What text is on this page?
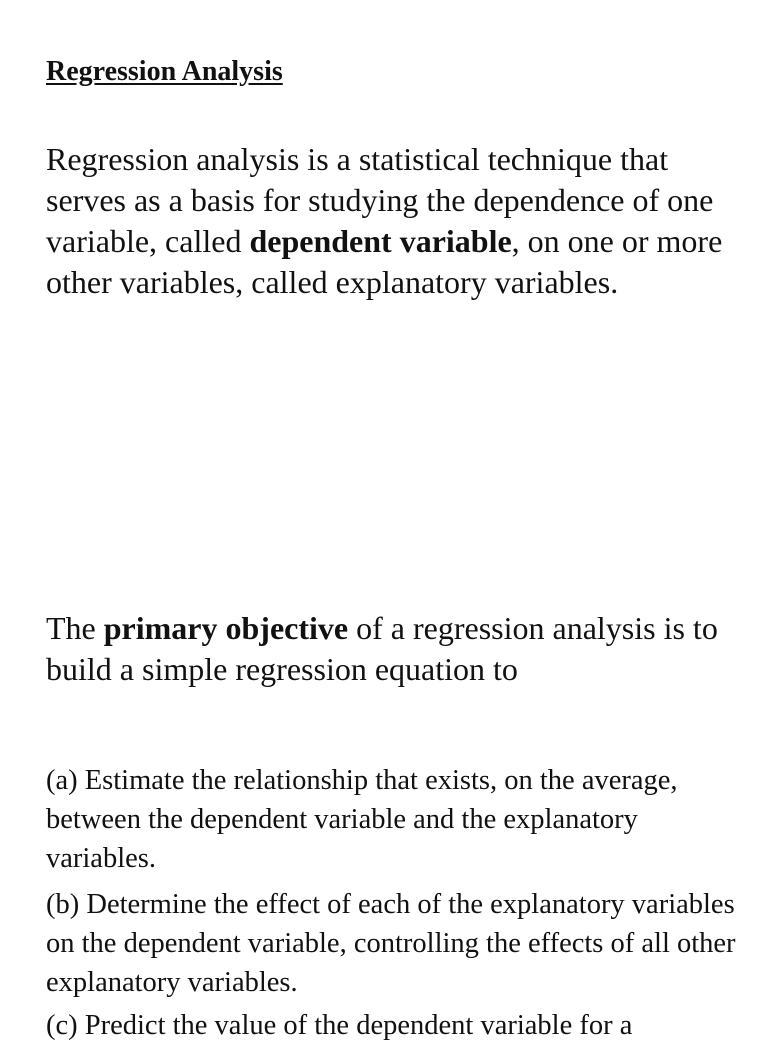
Regression Analysis

Regression analysis is a statistical technique that serves as a basis for studying the dependence of one variable, called dependent variable, on one or more other variables, called explanatory variables.

The primary objective of a regression analysis is to build a simple regression equation to

(a) Estimate the relationship that exists, on the average, between the dependent variable and the explanatory variables.

(b) Determine the effect of each of the explanatory variables on the dependent variable, controlling the effects of all other explanatory variables.

(c) Predict the value of the dependent variable for a
